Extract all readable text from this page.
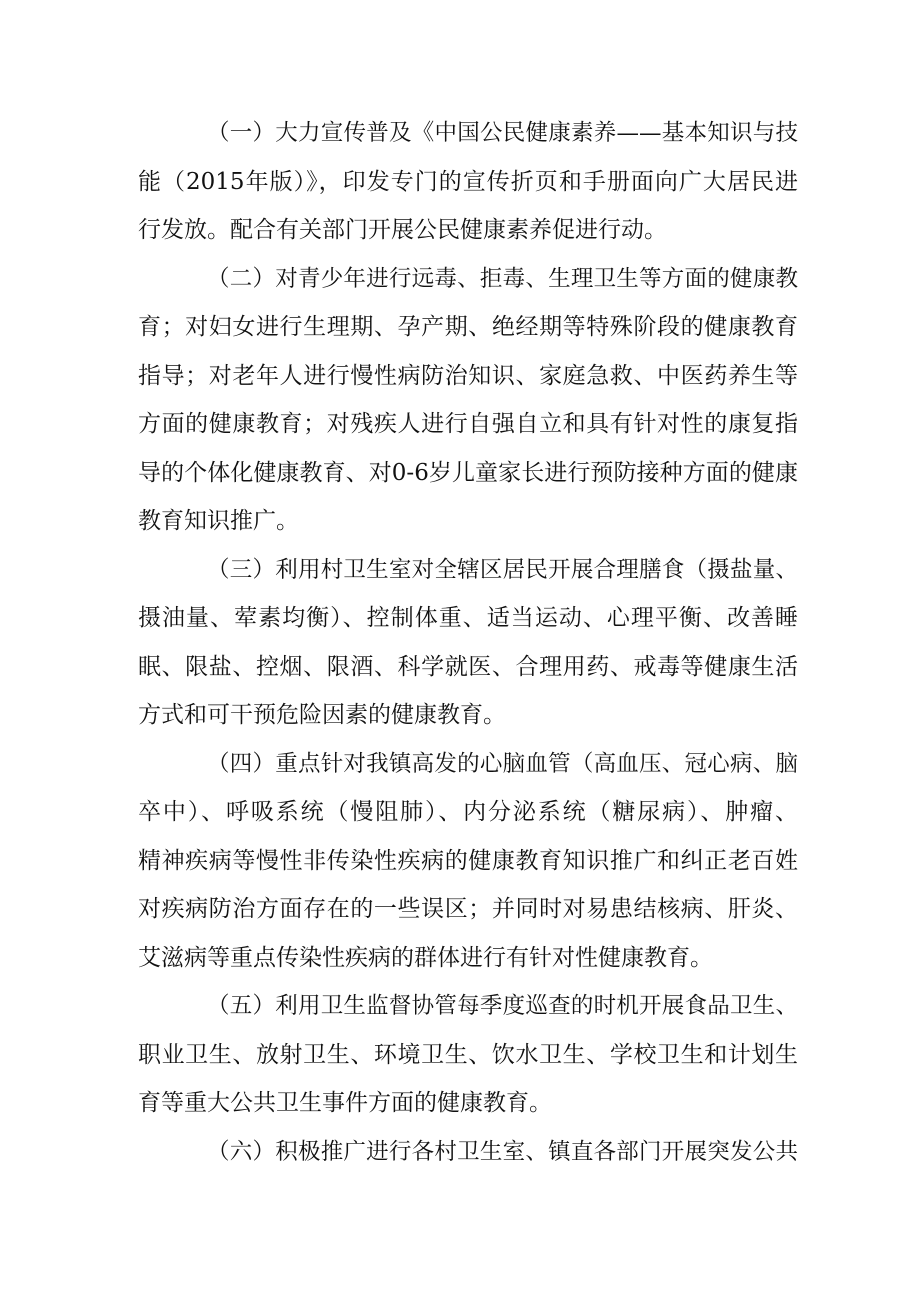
（一）大力宣传普及《中国公民健康素养——基本知识与技
能（2015年版）》，印发专门的宣传折页和手册面向广大居民进
行发放。配合有关部门开展公民健康素养促进行动。
（二）对青少年进行远毒、拒毒、生理卫生等方面的健康教
育；对妇女进行生理期、孕产期、绝经期等特殊阶段的健康教育
指导；对老年人进行慢性病防治知识、家庭急救、中医药养生等
方面的健康教育；对残疾人进行自强自立和具有针对性的康复指
导的个体化健康教育、对0-6岁儿童家长进行预防接种方面的健康
教育知识推广。
（三）利用村卫生室对全辖区居民开展合理膳食（摄盐量、
摄油量、荤素均衡）、控制体重、适当运动、心理平衡、改善睡
眠、限盐、控烟、限酒、科学就医、合理用药、戒毒等健康生活
方式和可干预危险因素的健康教育。
（四）重点针对我镇高发的心脑血管（高血压、冠心病、脑
卒中）、呼吸系统（慢阻肺）、内分泌系统（糖尿病）、肿瘤、
精神疾病等慢性非传染性疾病的健康教育知识推广和纠正老百姓
对疾病防治方面存在的一些误区；并同时对易患结核病、肝炎、
艾滋病等重点传染性疾病的群体进行有针对性健康教育。
（五）利用卫生监督协管每季度巡查的时机开展食品卫生、
职业卫生、放射卫生、环境卫生、饮水卫生、学校卫生和计划生
育等重大公共卫生事件方面的健康教育。
（六）积极推广进行各村卫生室、镇直各部门开展突发公共
